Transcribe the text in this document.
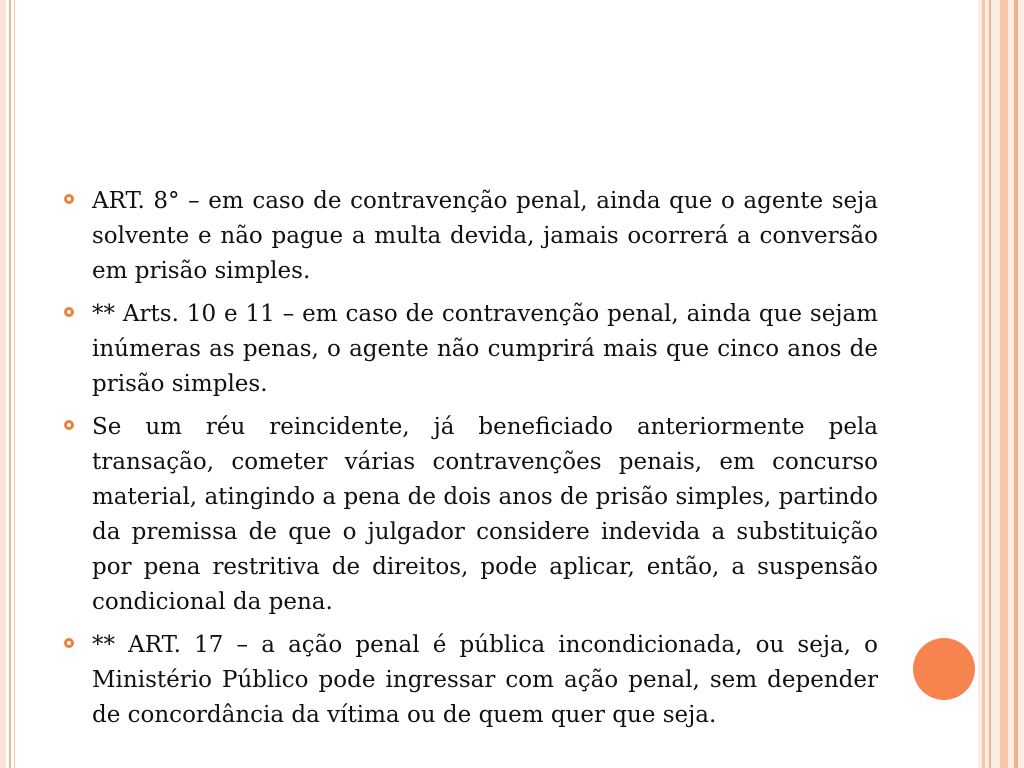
ART. 8° – em caso de contravenção penal, ainda que o agente seja solvente e não pague a multa devida, jamais ocorrerá a conversão em prisão simples.
** Arts. 10 e 11 – em caso de contravenção penal, ainda que sejam inúmeras as penas, o agente não cumprirá mais que cinco anos de prisão simples.
Se um réu reincidente, já beneficiado anteriormente pela transação, cometer várias contravenções penais, em concurso material, atingindo a pena de dois anos de prisão simples, partindo da premissa de que o julgador considere indevida a substituição por pena restritiva de direitos, pode aplicar, então, a suspensão condicional da pena.
** ART. 17 – a ação penal é pública incondicionada, ou seja, o Ministério Público pode ingressar com ação penal, sem depender de concordância da vítima ou de quem quer que seja.
